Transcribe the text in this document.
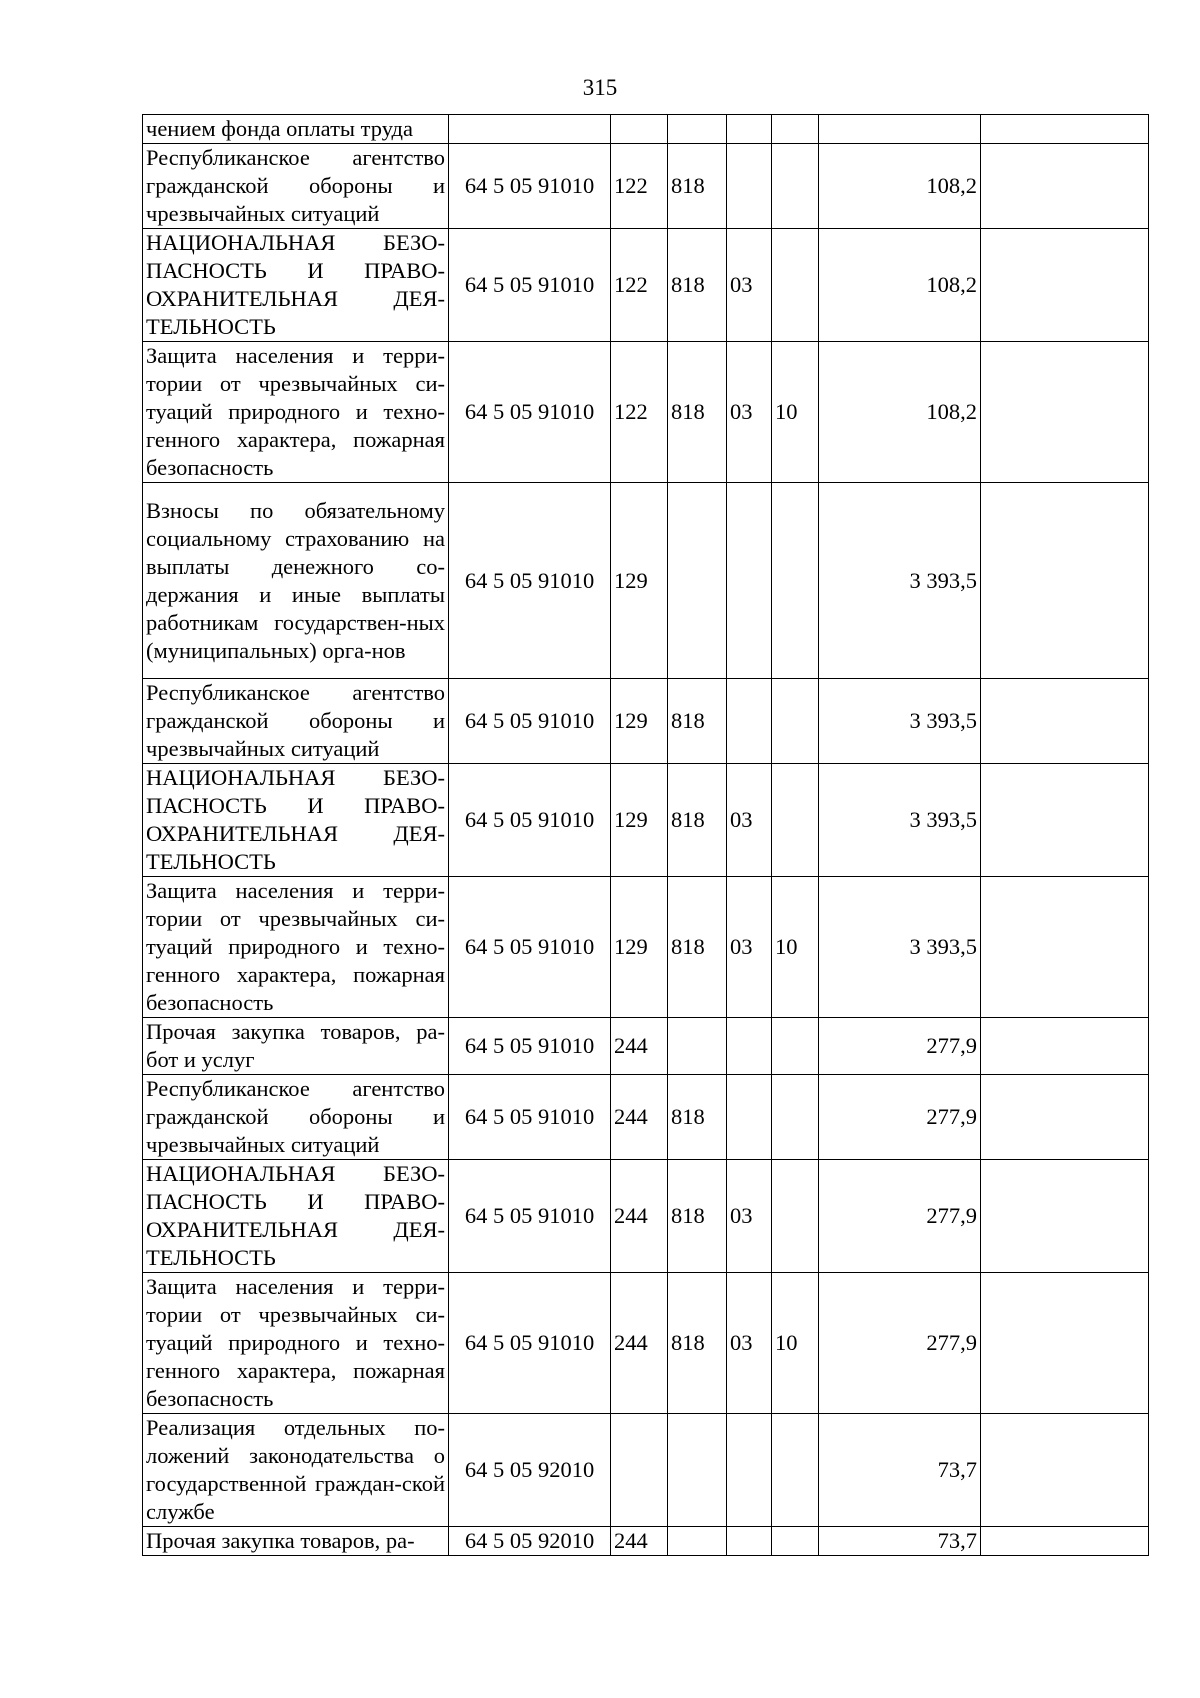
315
чением фонда оплаты труда							
Республиканское агентство гражданской обороны и чрезвычайных ситуаций	64 5 05 91010	122	818			108,2	
НАЦИОНАЛЬНАЯ БЕЗО-ПАСНОСТЬ И ПРАВО-ОХРАНИТЕЛЬНАЯ ДЕЯ-ТЕЛЬНОСТЬ	64 5 05 91010	122	818	03		108,2	
Защита населения и терри-тории от чрезвычайных си-туаций природного и техно-генного характера, пожарная безопасность	64 5 05 91010	122	818	03	10	108,2	
Взносы по обязательному социальному страхованию на выплаты денежного со-держания и иные выплаты работникам государствен-ных (муниципальных) орга-нов	64 5 05 91010	129				3 393,5	
Республиканское агентство гражданской обороны и чрезвычайных ситуаций	64 5 05 91010	129	818			3 393,5	
НАЦИОНАЛЬНАЯ БЕЗО-ПАСНОСТЬ И ПРАВО-ОХРАНИТЕЛЬНАЯ ДЕЯ-ТЕЛЬНОСТЬ	64 5 05 91010	129	818	03		3 393,5	
Защита населения и терри-тории от чрезвычайных си-туаций природного и техно-генного характера, пожарная безопасность	64 5 05 91010	129	818	03	10	3 393,5	
Прочая закупка товаров, ра-бот и услуг	64 5 05 91010	244				277,9	
Республиканское агентство гражданской обороны и чрезвычайных ситуаций	64 5 05 91010	244	818			277,9	
НАЦИОНАЛЬНАЯ БЕЗО-ПАСНОСТЬ И ПРАВО-ОХРАНИТЕЛЬНАЯ ДЕЯ-ТЕЛЬНОСТЬ	64 5 05 91010	244	818	03		277,9	
Защита населения и терри-тории от чрезвычайных си-туаций природного и техно-генного характера, пожарная безопасность	64 5 05 91010	244	818	03	10	277,9	
Реализация отдельных по-ложений законодательства о государственной граждан-ской службе	64 5 05 92010					73,7	
Прочая закупка товаров, ра-	64 5 05 92010	244				73,7	
